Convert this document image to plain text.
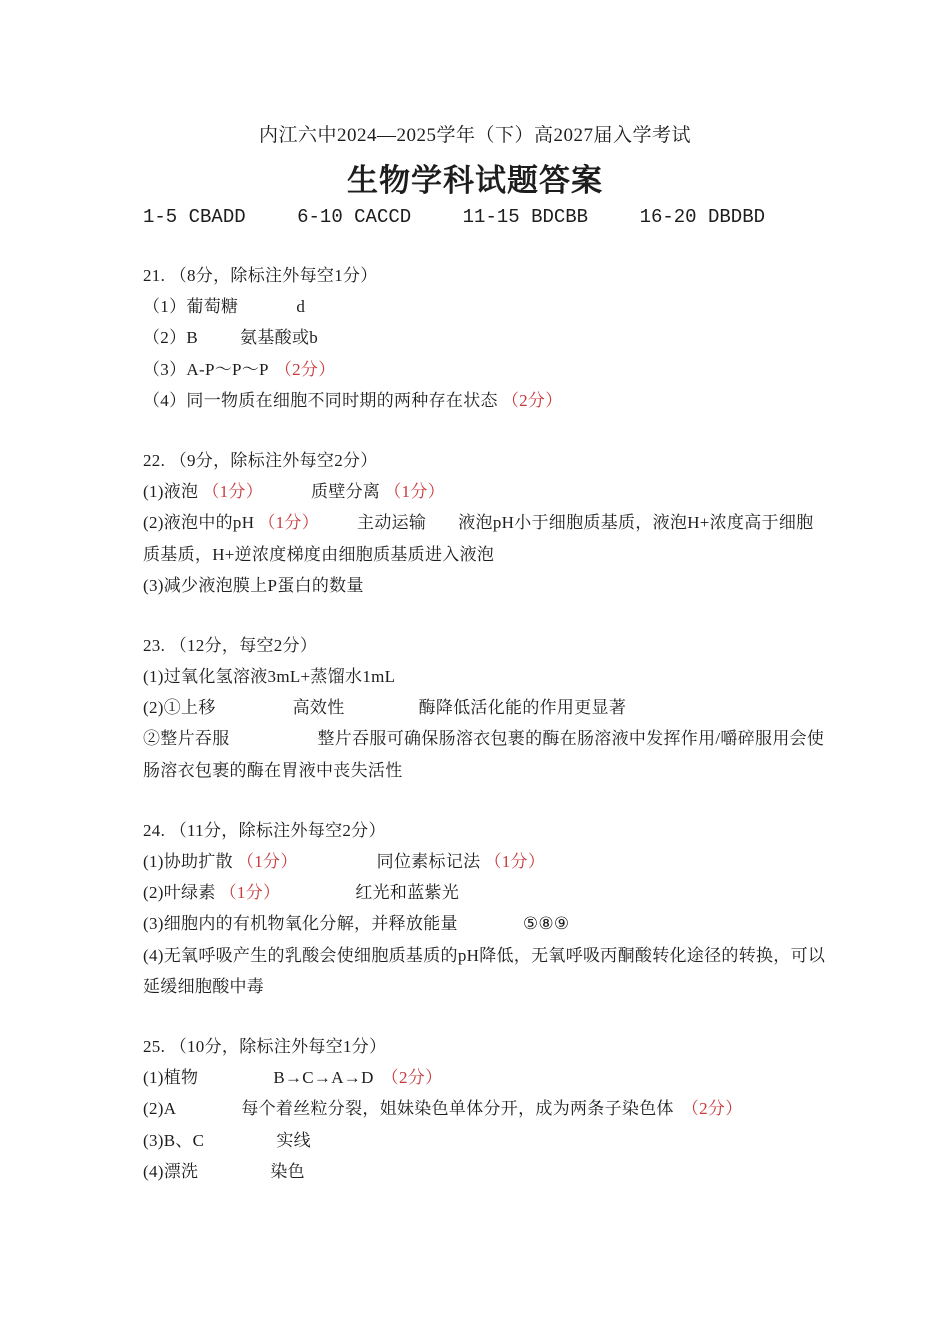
内江六中2024—2025学年（下）高2027届入学考试
生物学科试题答案
1-5 CBADD	6-10 CACCD	11-15 BDCBB	16-20 DBDBD
21. （8分，除标注外每空1分）
（1）葡萄糖	d
（2）B 氨基酸或b
（3）A-P～P～P （2分）
（4）同一物质在细胞不同时期的两种存在状态 （2分）
22. （9分，除标注外每空2分）
(1)液泡 （1分）	质壁分离 （1分）
(2)液泡中的pH （1分） 主动运输 液泡pH小于细胞质基质，液泡H+浓度高于细胞
质基质，H+逆浓度梯度由细胞质基质进入液泡
(3)减少液泡膜上P蛋白的数量
23. （12分，每空2分）
(1)过氧化氢溶液3mL+蒸馏水1mL
(2)①上移	高效性	酶降低活化能的作用更显著
②整片吞服	整片吞服可确保肠溶衣包裹的酶在肠溶液中发挥作用/嚼碎服用会使
肠溶衣包裹的酶在胃液中丧失活性
24. （11分，除标注外每空2分）
(1)协助扩散 （1分）	同位素标记法 （1分）
(2)叶绿素 （1分）	红光和蓝紫光
(3)细胞内的有机物氧化分解，并释放能量	⑤⑧⑨
(4)无氧呼吸产生的乳酸会使细胞质基质的pH降低，无氧呼吸丙酮酸转化途径的转换，可以
延缓细胞酸中毒
25. （10分，除标注外每空1分）
(1)植物	B→C→A→D （2分）
(2)A	每个着丝粒分裂，姐妹染色单体分开，成为两条子染色体 （2分）
(3)B、C	实线
(4)漂洗	染色
